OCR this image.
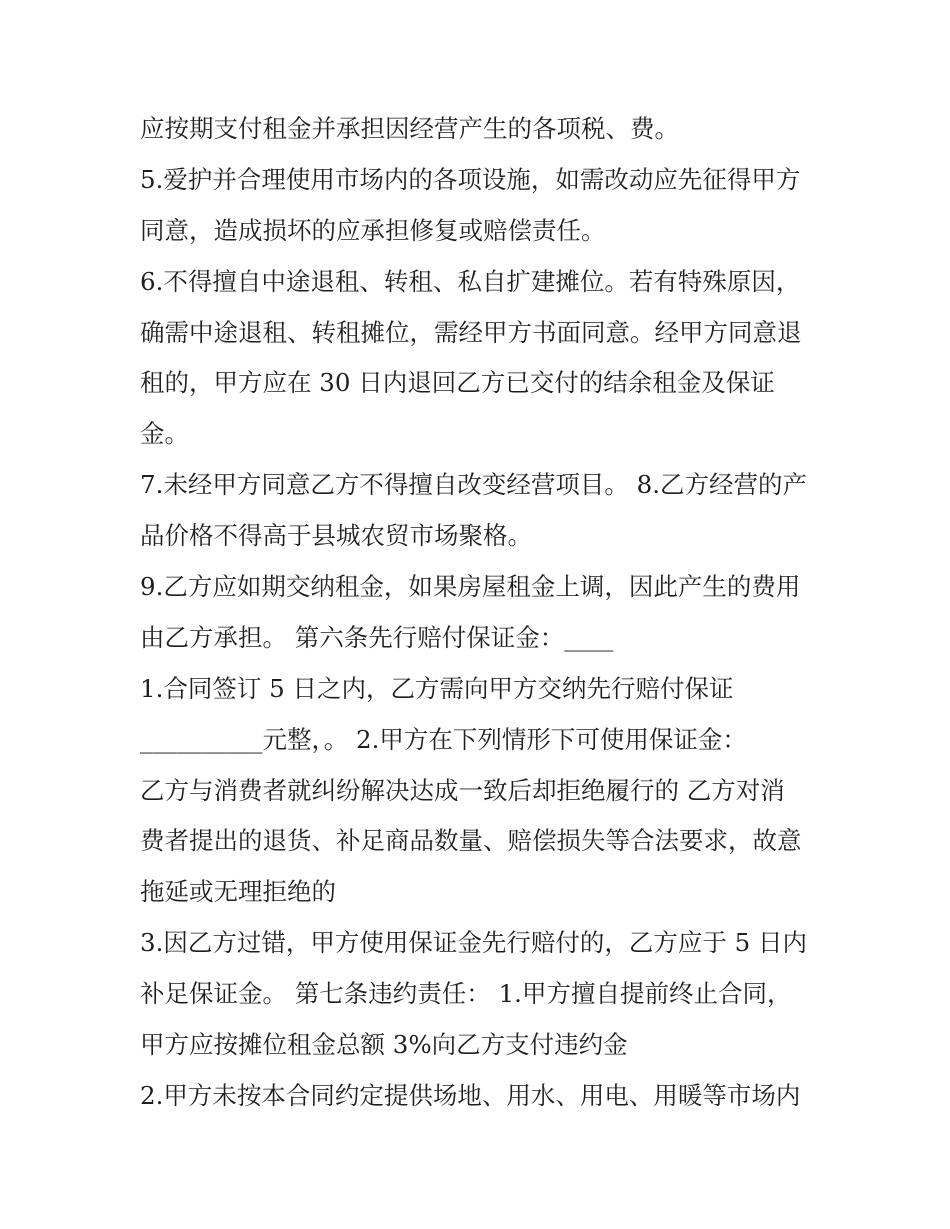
应按期支付租金并承担因经营产生的各项税、费。
5.爱护并合理使用市场内的各项设施，如需改动应先征得甲方
同意，造成损坏的应承担修复或赔偿责任。
6.不得擅自中途退租、转租、私自扩建摊位。若有特殊原因，
确需中途退租、转租摊位，需经甲方书面同意。经甲方同意退
租的，甲方应在 30 日内退回乙方已交付的结余租金及保证
金。
7.未经甲方同意乙方不得擅自改变经营项目。 8.乙方经营的产
品价格不得高于县城农贸市场聚格。
9.乙方应如期交纳租金，如果房屋租金上调，因此产生的费用
由乙方承担。 第六条先行赔付保证金：____
1.合同签订 5 日之内，乙方需向甲方交纳先行赔付保证
__________元整，。 2.甲方在下列情形下可使用保证金：
乙方与消费者就纠纷解决达成一致后却拒绝履行的 乙方对消
费者提出的退货、补足商品数量、赔偿损失等合法要求，故意
拖延或无理拒绝的
3.因乙方过错，甲方使用保证金先行赔付的，乙方应于 5 日内
补足保证金。 第七条违约责任： 1.甲方擅自提前终止合同，
甲方应按摊位租金总额 3%向乙方支付违约金
2.甲方未按本合同约定提供场地、用水、用电、用暖等市场内
